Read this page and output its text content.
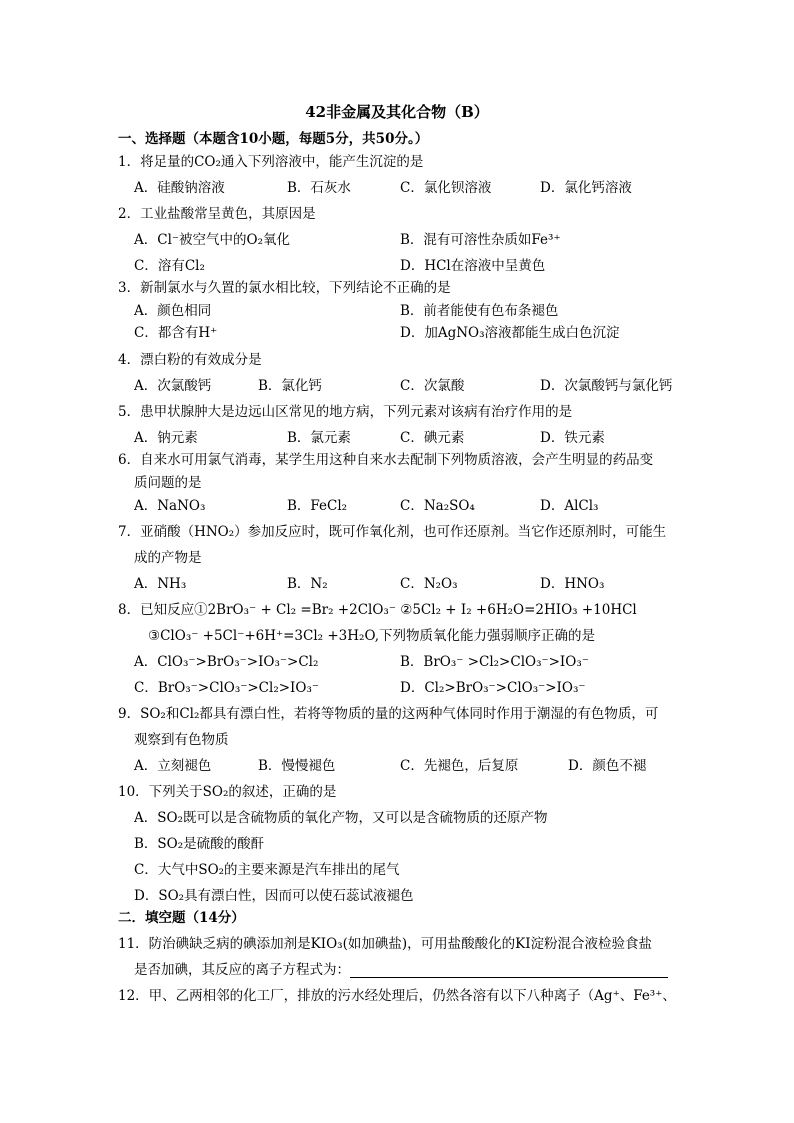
42非金属及其化合物（B）
一、选择题（本题含10小题，每题5分，共50分。）
1．将足量的CO₂通入下列溶液中，能产生沉淀的是
A．硅酸钠溶液	B．石灰水	C．氯化钡溶液	D．氯化钙溶液
2．工业盐酸常呈黄色，其原因是
A．Cl⁻被空气中的O₂氧化	B．混有可溶性杂质如Fe³⁺
C．溶有Cl₂	D．HCl在溶液中呈黄色
3．新制氯水与久置的氯水相比较，下列结论不正确的是
A．颜色相同	B．前者能使有色布条褪色
C．都含有H⁺	D．加AgNO₃溶液都能生成白色沉淀
4．漂白粉的有效成分是
A．次氯酸钙	B．氯化钙	C．次氯酸	D．次氯酸钙与氯化钙
5．患甲状腺肿大是边远山区常见的地方病，下列元素对该病有治疗作用的是
A．钠元素	B．氯元素	C．碘元素	D．铁元素
6．自来水可用氯气消毒，某学生用这种自来水去配制下列物质溶液，会产生明显的药品变
质问题的是
A．NaNO₃	B．FeCl₂	C．Na₂SO₄	D．AlCl₃
7．亚硝酸（HNO₂）参加反应时，既可作氧化剂，也可作还原剂。当它作还原剂时，可能生
成的产物是
A．NH₃	B．N₂	C．N₂O₃	D．HNO₃
8．已知反应①2BrO₃⁻ + Cl₂ =Br₂ +2ClO₃⁻ ②5Cl₂ + I₂ +6H₂O=2HIO₃ +10HCl
③ClO₃⁻ +5Cl⁻+6H⁺=3Cl₂ +3H₂O,下列物质氧化能力强弱顺序正确的是
A．ClO₃⁻>BrO₃⁻>IO₃⁻>Cl₂	B．BrO₃⁻ >Cl₂>ClO₃⁻>IO₃⁻
C．BrO₃⁻>ClO₃⁻>Cl₂>IO₃⁻	D．Cl₂>BrO₃⁻>ClO₃⁻>IO₃⁻
9．SO₂和Cl₂都具有漂白性，若将等物质的量的这两种气体同时作用于潮湿的有色物质，可
观察到有色物质
A．立刻褪色	B．慢慢褪色	C．先褪色，后复原	D．颜色不褪
10．下列关于SO₂的叙述，正确的是
A．SO₂既可以是含硫物质的氧化产物，又可以是含硫物质的还原产物
B．SO₂是硫酸的酸酐
C．大气中SO₂的主要来源是汽车排出的尾气
D．SO₂具有漂白性，因而可以使石蕊试液褪色
二．填空题（14分）
11．防治碘缺乏病的碘添加剂是KIO₃(如加碘盐)，可用盐酸酸化的KI淀粉混合液检验食盐
是否加碘，其反应的离子方程式为：
12．甲、乙两相邻的化工厂，排放的污水经处理后，仍然各溶有以下八种离子（Ag⁺、Fe³⁺、
